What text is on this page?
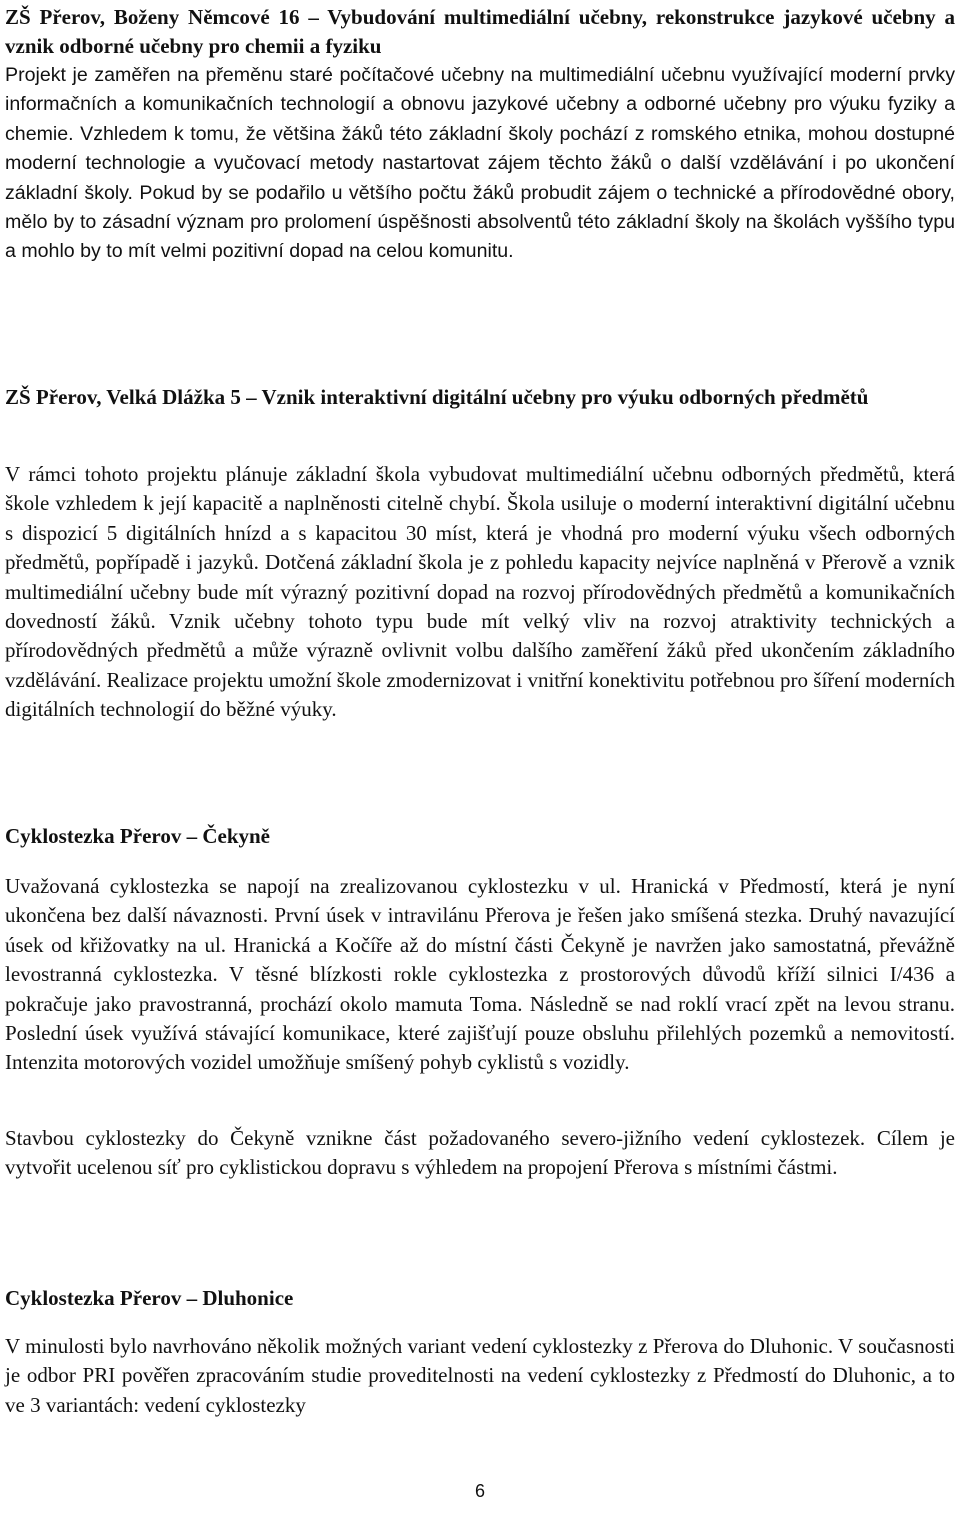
ZŠ Přerov, Boženy Němcové 16 – Vybudování multimediální učebny, rekonstrukce jazykové učebny a vznik odborné učebny pro chemii a fyziku

Projekt je zaměřen na přeměnu staré počítačové učebny na multimediální učebnu využívající moderní prvky informačních a komunikačních technologií a obnovu jazykové učebny a odborné učebny pro výuku fyziky a chemie. Vzhledem k tomu, že většina žáků této základní školy pochází z romského etnika, mohou dostupné moderní technologie a vyučovací metody nastartovat zájem těchto žáků o další vzdělávání i po ukončení základní školy. Pokud by se podařilo u většího počtu žáků probudit zájem o technické a přírodovědné obory, mělo by to zásadní význam pro prolomení úspěšnosti absolventů této základní školy na školách vyššího typu a mohlo by to mít velmi pozitivní dopad na celou komunitu.

ZŠ Přerov, Velká Dlážka 5 – Vznik interaktivní digitální učebny pro výuku odborných předmětů

V rámci tohoto projektu plánuje základní škola vybudovat multimediální učebnu odborných předmětů, která škole vzhledem k její kapacitě a naplněnosti citelně chybí. Škola usiluje o moderní interaktivní digitální učebnu s dispozicí 5 digitálních hnízd a s kapacitou 30 míst, která je vhodná pro moderní výuku všech odborných předmětů, popřípadě i jazyků. Dotčená základní škola je z pohledu kapacity nejvíce naplněná v Přerově a vznik multimediální učebny bude mít výrazný pozitivní dopad na rozvoj přírodovědných předmětů a komunikačních dovedností žáků. Vznik učebny tohoto typu bude mít velký vliv na rozvoj atraktivity technických a přírodovědných předmětů a může výrazně ovlivnit volbu dalšího zaměření žáků před ukončením základního vzdělávání. Realizace projektu umožní škole zmodernizovat i vnitřní konektivitu potřebnou pro šíření moderních digitálních technologií do běžné výuky.

Cyklostezka Přerov – Čekyně

Uvažovaná cyklostezka se napojí na zrealizovanou cyklostezku v ul. Hranická v Předmostí, která je nyní ukončena bez další návaznosti. První úsek v intravilánu Přerova je řešen jako smíšená stezka. Druhý navazující úsek od křižovatky na ul. Hranická a Kočíře až do místní části Čekyně je navržen jako samostatná, převážně levostranná cyklostezka. V těsné blízkosti rokle cyklostezka z prostorových důvodů kříží silnici I/436 a pokračuje jako pravostranná, prochází okolo mamuta Toma. Následně se nad roklí vrací zpět na levou stranu. Poslední úsek využívá stávající komunikace, které zajišťují pouze obsluhu přilehlých pozemků a nemovitostí. Intenzita motorových vozidel umožňuje smíšený pohyb cyklistů s vozidly.

Stavbou cyklostezky do Čekyně vznikne část požadovaného severo-jižního vedení cyklostezek. Cílem je vytvořit ucelenou síť pro cyklistickou dopravu s výhledem na propojení Přerova s místními částmi.

Cyklostezka Přerov – Dluhonice

V minulosti bylo navrhováno několik možných variant vedení cyklostezky z Přerova do Dluhonic. V současnosti je odbor PRI pověřen zpracováním studie proveditelnosti na vedení cyklostezky z Předmostí do Dluhonic, a to ve 3 variantách: vedení cyklostezky

6
